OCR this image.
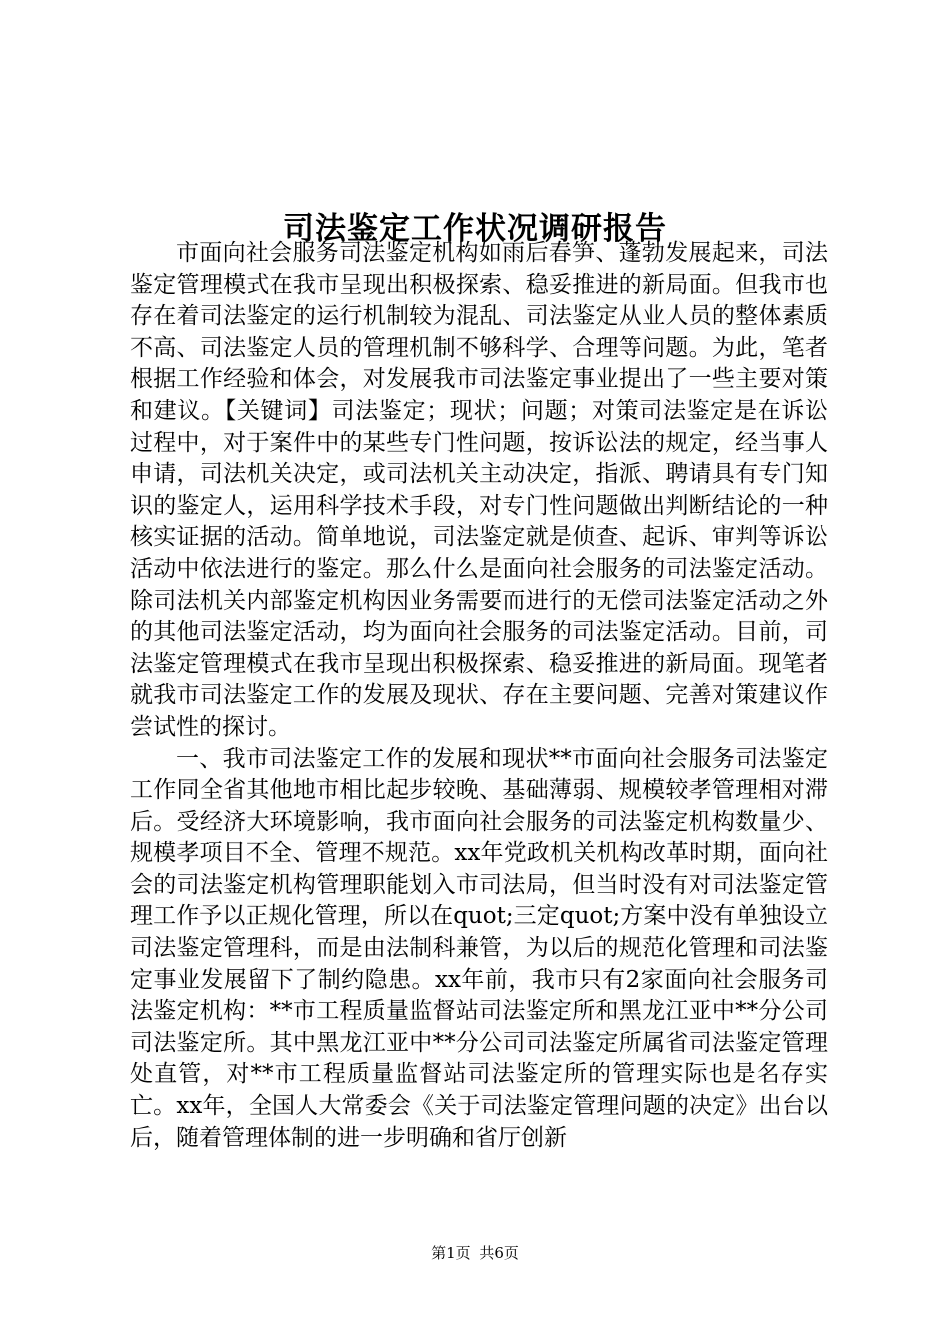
司法鉴定工作状况调研报告

市面向社会服务司法鉴定机构如雨后春笋、蓬勃发展起来，司法鉴定管理模式在我市呈现出积极探索、稳妥推进的新局面。但我市也存在着司法鉴定的运行机制较为混乱、司法鉴定从业人员的整体素质不高、司法鉴定人员的管理机制不够科学、合理等问题。为此，笔者根据工作经验和体会，对发展我市司法鉴定事业提出了一些主要对策和建议。【关键词】司法鉴定；现状；问题；对策司法鉴定是在诉讼过程中，对于案件中的某些专门性问题，按诉讼法的规定，经当事人申请，司法机关决定，或司法机关主动决定，指派、聘请具有专门知识的鉴定人，运用科学技术手段，对专门性问题做出判断结论的一种核实证据的活动。简单地说，司法鉴定就是侦查、起诉、审判等诉讼活动中依法进行的鉴定。那么什么是面向社会服务的司法鉴定活动。除司法机关内部鉴定机构因业务需要而进行的无偿司法鉴定活动之外的其他司法鉴定活动，均为面向社会服务的司法鉴定活动。目前，司法鉴定管理模式在我市呈现出积极探索、稳妥推进的新局面。现笔者就我市司法鉴定工作的发展及现状、存在主要问题、完善对策建议作尝试性的探讨。

一、我市司法鉴定工作的发展和现状**市面向社会服务司法鉴定工作同全省其他地市相比起步较晚、基础薄弱、规模较孝管理相对滞后。受经济大环境影响，我市面向社会服务的司法鉴定机构数量少、规模孝项目不全、管理不规范。xx年党政机关机构改革时期，面向社会的司法鉴定机构管理职能划入市司法局，但当时没有对司法鉴定管理工作予以正规化管理，所以在quot;三定quot;方案中没有单独设立司法鉴定管理科，而是由法制科兼管，为以后的规范化管理和司法鉴定事业发展留下了制约隐患。xx年前，我市只有2家面向社会服务司法鉴定机构：**市工程质量监督站司法鉴定所和黑龙江亚中**分公司司法鉴定所。其中黑龙江亚中**分公司司法鉴定所属省司法鉴定管理处直管，对**市工程质量监督站司法鉴定所的管理实际也是名存实亡。xx年，全国人大常委会《关于司法鉴定管理问题的决定》出台以后，随着管理体制的进一步明确和省厅创新

第1页 共6页
